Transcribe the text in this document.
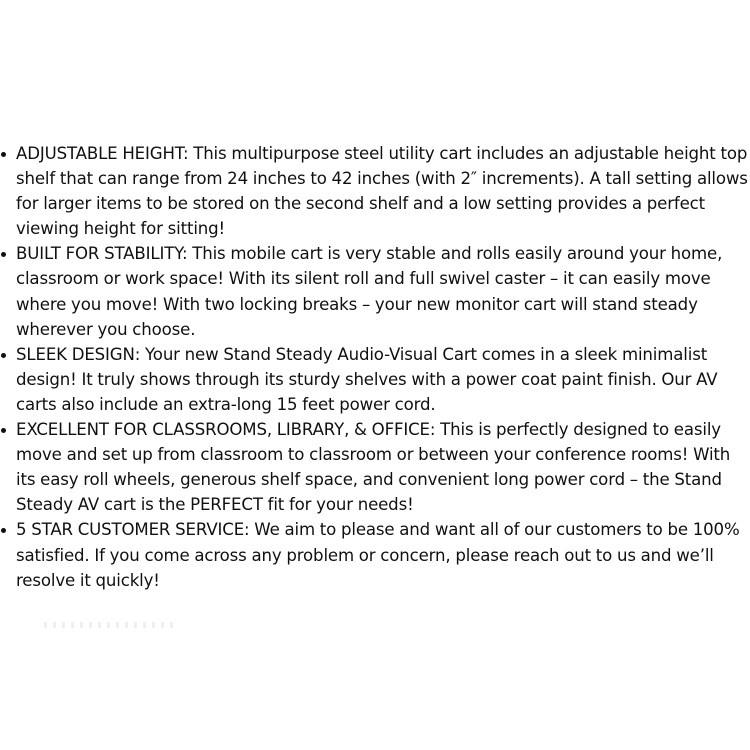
ADJUSTABLE HEIGHT: This multipurpose steel utility cart includes an adjustable height top shelf that can range from 24 inches to 42 inches (with 2″ increments). A tall setting allows for larger items to be stored on the second shelf and a low setting provides a perfect viewing height for sitting!
BUILT FOR STABILITY: This mobile cart is very stable and rolls easily around your home, classroom or work space! With its silent roll and full swivel caster – it can easily move where you move! With two locking breaks – your new monitor cart will stand steady wherever you choose.
SLEEK DESIGN: Your new Stand Steady Audio-Visual Cart comes in a sleek minimalist design! It truly shows through its sturdy shelves with a power coat paint finish. Our AV carts also include an extra-long 15 feet power cord.
EXCELLENT FOR CLASSROOMS, LIBRARY, & OFFICE: This is perfectly designed to easily move and set up from classroom to classroom or between your conference rooms! With its easy roll wheels, generous shelf space, and convenient long power cord – the Stand Steady AV cart is the PERFECT fit for your needs!
5 STAR CUSTOMER SERVICE: We aim to please and want all of our customers to be 100% satisfied. If you come across any problem or concern, please reach out to us and we’ll resolve it quickly!
